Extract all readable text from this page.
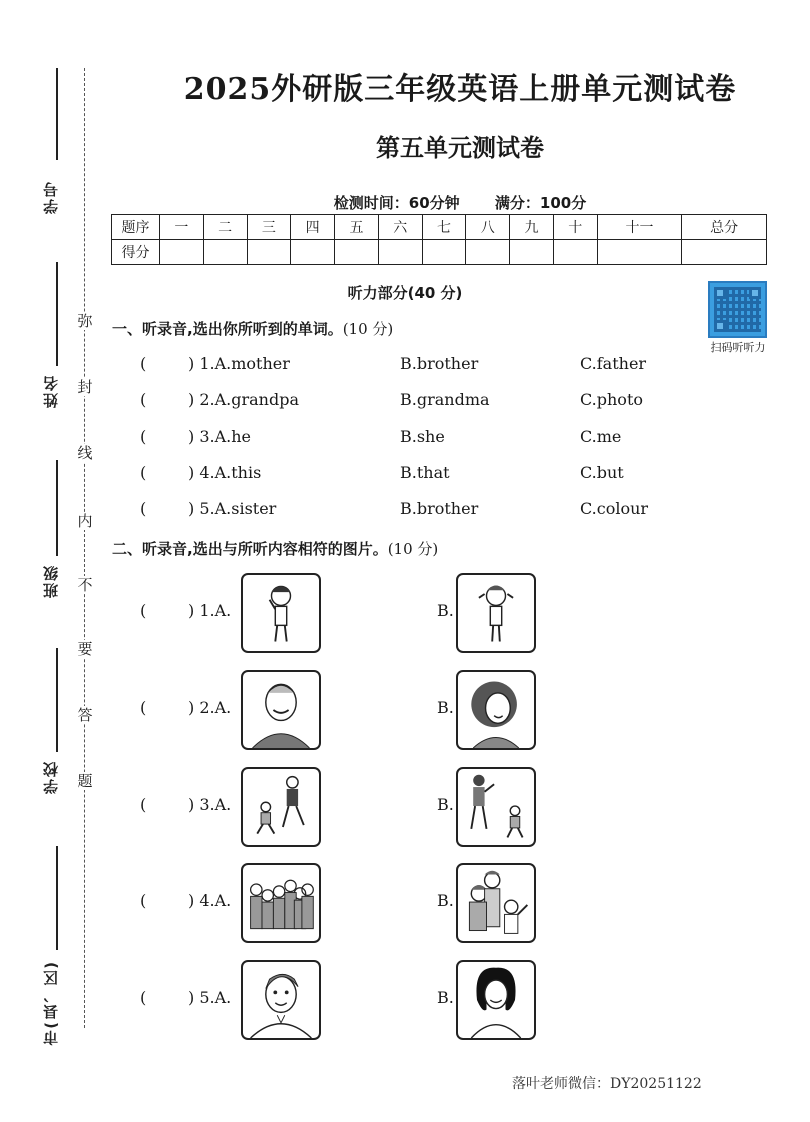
学号
姓名
班级
学校
市(县、区)
弥
封
线
内
不
要
答
题
2025外研版三年级英语上册单元测试卷
第五单元测试卷
检测时间：60分钟 满分：100分
题序	一	二	三	四	五	六	七	八	九	十	十一	总分
得分												
听力部分(40 分)
扫码听听力
一、听录音,选出你所听到的单词。(10 分)
(	) 1.A.mother	B.brother	C.father
(	) 2.A.grandpa	B.grandma	C.photo
(	) 3.A.he	B.she	C.me
(	) 4.A.this	B.that	C.but
(	) 5.A.sister	B.brother	C.colour
二、听录音,选出与所听内容相符的图片。(10 分)
(	) 1.A.	B.
(	) 2.A.	B.
(	) 3.A.	B.
(	) 4.A.	B.
(	) 5.A.	B.
落叶老师微信：DY20251122
